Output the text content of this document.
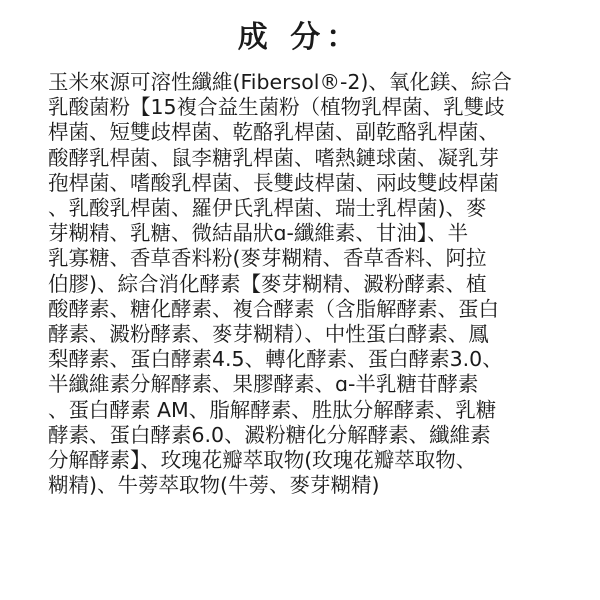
成 分：
玉米來源可溶性纖維(Fibersol®-2)、氧化鎂、綜合
乳酸菌粉【15複合益生菌粉（植物乳桿菌、乳雙歧
桿菌、短雙歧桿菌、乾酪乳桿菌、副乾酪乳桿菌、
酸酵乳桿菌、鼠李糖乳桿菌、嗜熱鏈球菌、凝乳芽
孢桿菌、嗜酸乳桿菌、長雙歧桿菌、兩歧雙歧桿菌
、乳酸乳桿菌、羅伊氏乳桿菌、瑞士乳桿菌)、麥
芽糊精、乳糖、微結晶狀ɑ-纖維素、甘油】、半
乳寡糖、香草香料粉(麥芽糊精、香草香料、阿拉
伯膠)、綜合消化酵素【麥芽糊精、澱粉酵素、植
酸酵素、糖化酵素、複合酵素（含脂解酵素、蛋白
酵素、澱粉酵素、麥芽糊精）、中性蛋白酵素、鳳
梨酵素、蛋白酵素4.5、轉化酵素、蛋白酵素3.0、
半纖維素分解酵素、果膠酵素、ɑ-半乳糖苷酵素
、蛋白酵素 AM、脂解酵素、胜肽分解酵素、乳糖
酵素、蛋白酵素6.0、澱粉糖化分解酵素、纖維素
分解酵素】、玫瑰花瓣萃取物(玫瑰花瓣萃取物、
糊精)、牛蒡萃取物(牛蒡、麥芽糊精)
